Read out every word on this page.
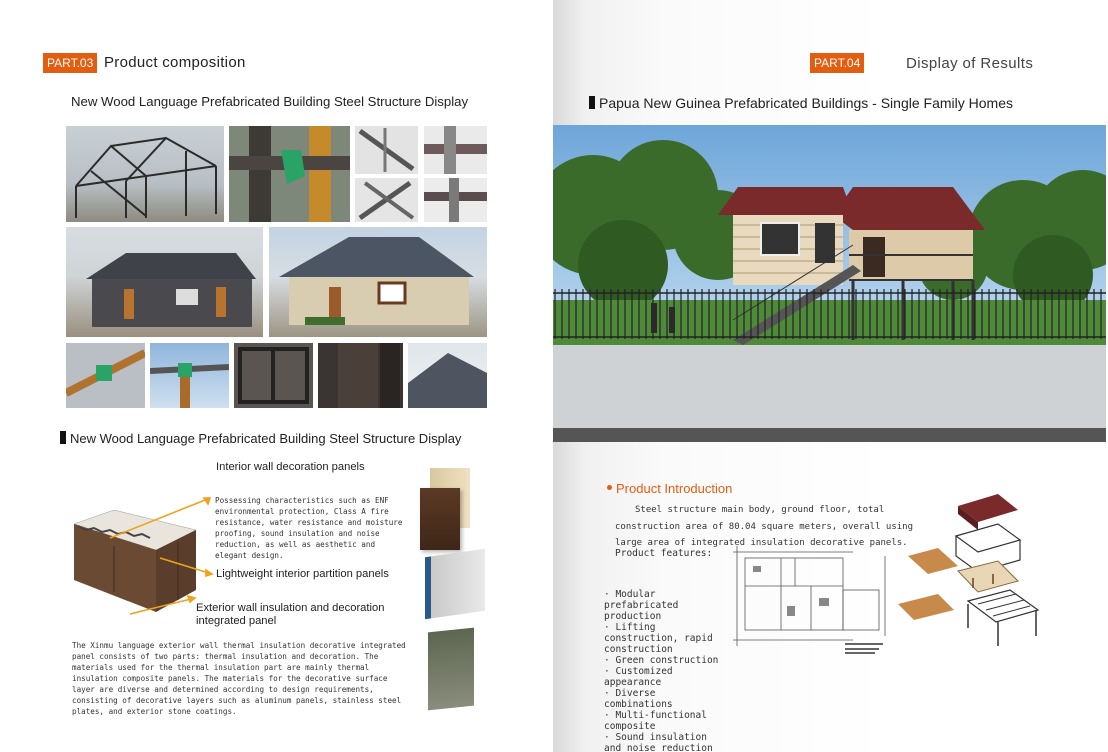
PART.03 Product composition
New Wood Language Prefabricated Building Steel Structure Display
New Wood Language Prefabricated Building Steel Structure Display
Interior wall decoration panels
Possessing characteristics such as ENF environmental protection, Class A fire resistance, water resistance and moisture proofing, sound insulation and noise reduction, as well as aesthetic and elegant design.
Lightweight interior partition panels
Exterior wall insulation and decoration integrated panel
The Xinmu language exterior wall thermal insulation decorative integrated panel consists of two parts: thermal insulation and decoration. The materials used for the thermal insulation part are mainly thermal insulation composite panels. The materials for the decorative surface layer are diverse and determined according to design requirements, consisting of decorative layers such as aluminum panels, stainless steel plates, and exterior stone coatings.
PART.04	Display of Results
Papua New Guinea Prefabricated Buildings - Single Family Homes
Product Introduction
Steel structure main body, ground floor, total construction area of 80.04 square meters, overall using large area of integrated insulation decorative panels.
Product features:
· Modular prefabricated production
· Lifting construction, rapid construction
· Green construction
· Customized appearance
· Diverse combinations
· Multi-functional composite
· Sound insulation and noise reduction
